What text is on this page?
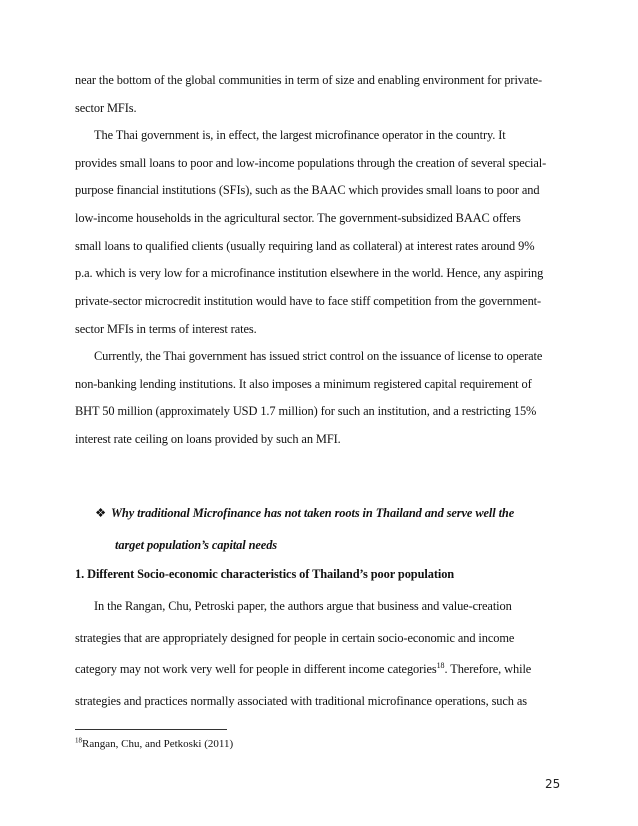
near the bottom of the global communities in term of size and enabling environment for private-
sector MFIs.
The Thai government is, in effect, the largest microfinance operator in the country. It
provides small loans to poor and low-income populations through the creation of several special-
purpose financial institutions (SFIs), such as the BAAC which provides small loans to poor and
low-income households in the agricultural sector. The government-subsidized BAAC offers
small loans to qualified clients (usually requiring land as collateral) at interest rates around 9%
p.a. which is very low for a microfinance institution elsewhere in the world. Hence, any aspiring
private-sector microcredit institution would have to face stiff competition from the government-
sector MFIs in terms of interest rates.
Currently, the Thai government has issued strict control on the issuance of license to operate
non-banking lending institutions. It also imposes a minimum registered capital requirement of
BHT 50 million (approximately USD 1.7 million) for such an institution, and a restricting 15%
interest rate ceiling on loans provided by such an MFI.
❖ Why traditional Microfinance has not taken roots in Thailand and serve well the
target population’s capital needs
1. Different Socio-economic characteristics of Thailand’s poor population
In the Rangan, Chu, Petroski paper, the authors argue that business and value-creation
strategies that are appropriately designed for people in certain socio-economic and income
$^{18}$Rangan, Chu, and Petkoski (2011)
25
category may not work very well for people in different income categories$^{18}$. Therefore, while
strategies and practices normally associated with traditional microfinance operations, such as
